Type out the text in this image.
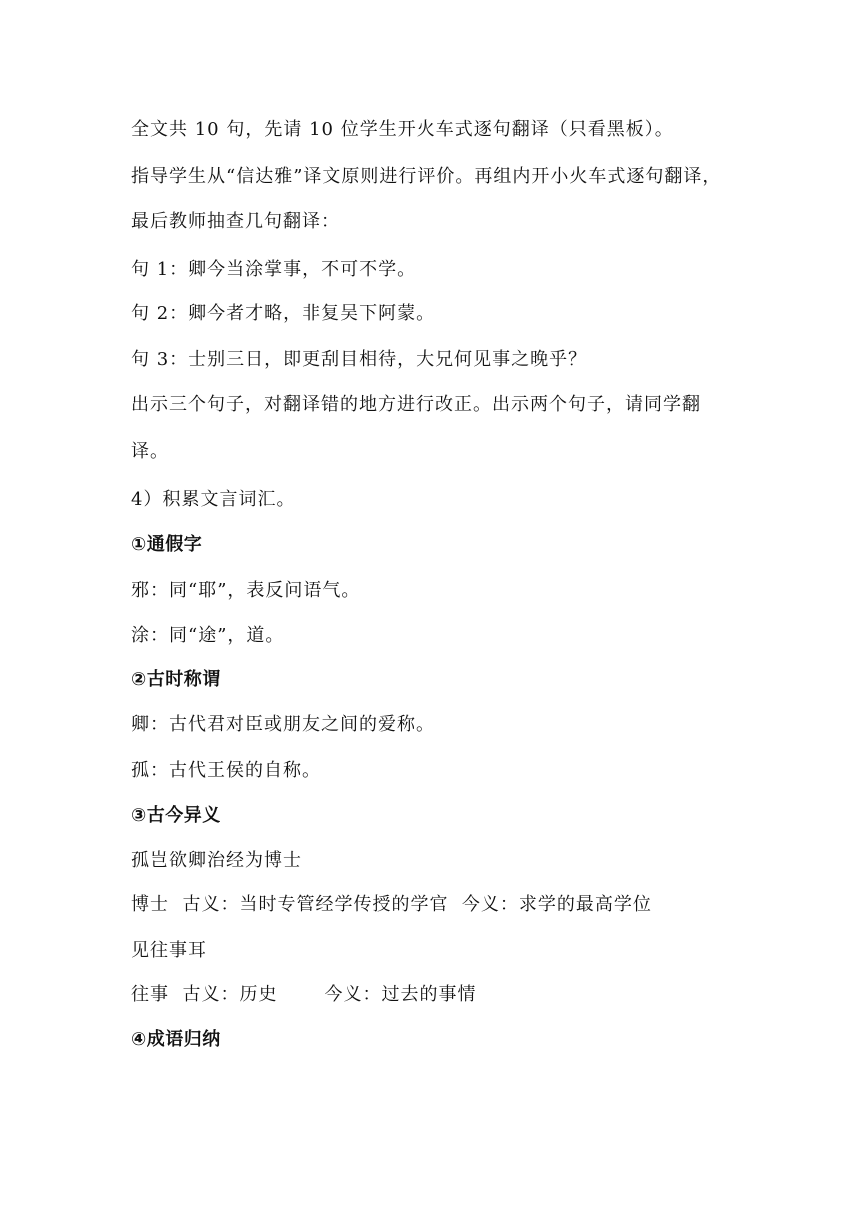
全文共 10 句，先请 10 位学生开火车式逐句翻译（只看黑板）。
指导学生从“信达雅”译文原则进行评价。再组内开小火车式逐句翻译，
最后教师抽查几句翻译：
句 1：卿今当涂掌事，不可不学。
句 2：卿今者才略，非复吴下阿蒙。
句 3：士别三日，即更刮目相待，大兄何见事之晚乎？
出示三个句子，对翻译错的地方进行改正。出示两个句子，请同学翻
译。
4）积累文言词汇。
①通假字
邪：同“耶”，表反问语气。
涂：同“途”，道。
②古时称谓
卿：古代君对臣或朋友之间的爱称。
孤：古代王侯的自称。
③古今异义
孤岂欲卿治经为博士
博士  古义：当时专管经学传授的学官  今义：求学的最高学位
见往事耳
往事  古义：历史       今义：过去的事情
④成语归纳
